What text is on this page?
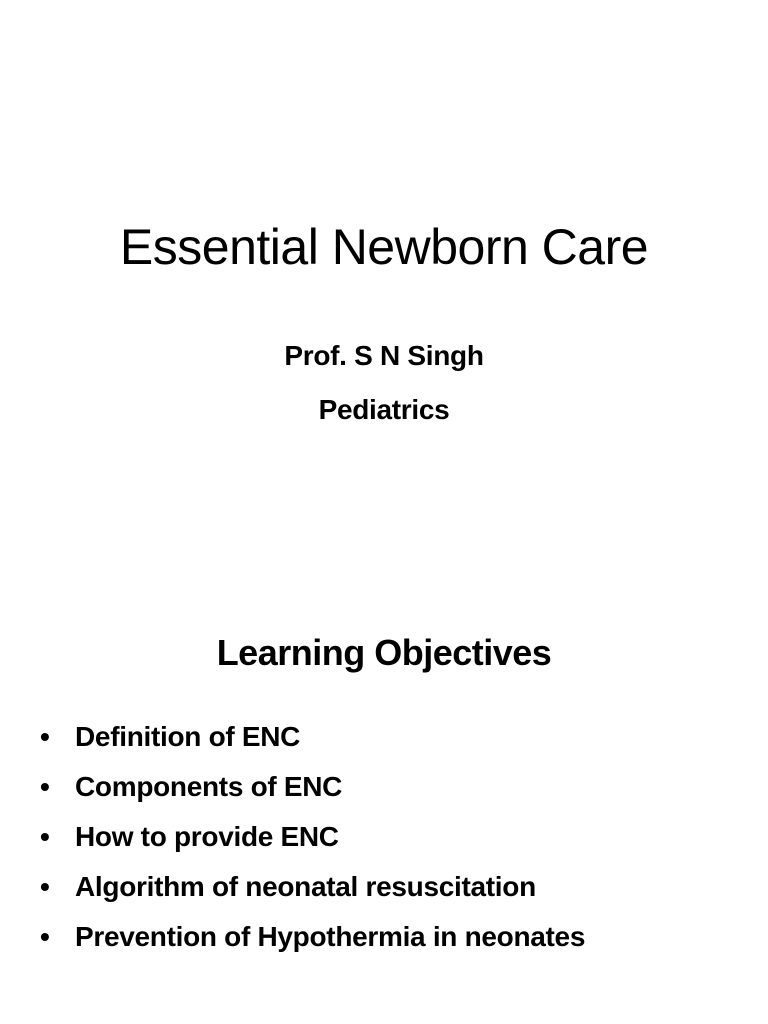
Essential Newborn Care
Prof. S N Singh
Pediatrics
Learning Objectives
• Definition of ENC
• Components of ENC
• How to provide ENC
• Algorithm of neonatal resuscitation
• Prevention of Hypothermia in neonates
